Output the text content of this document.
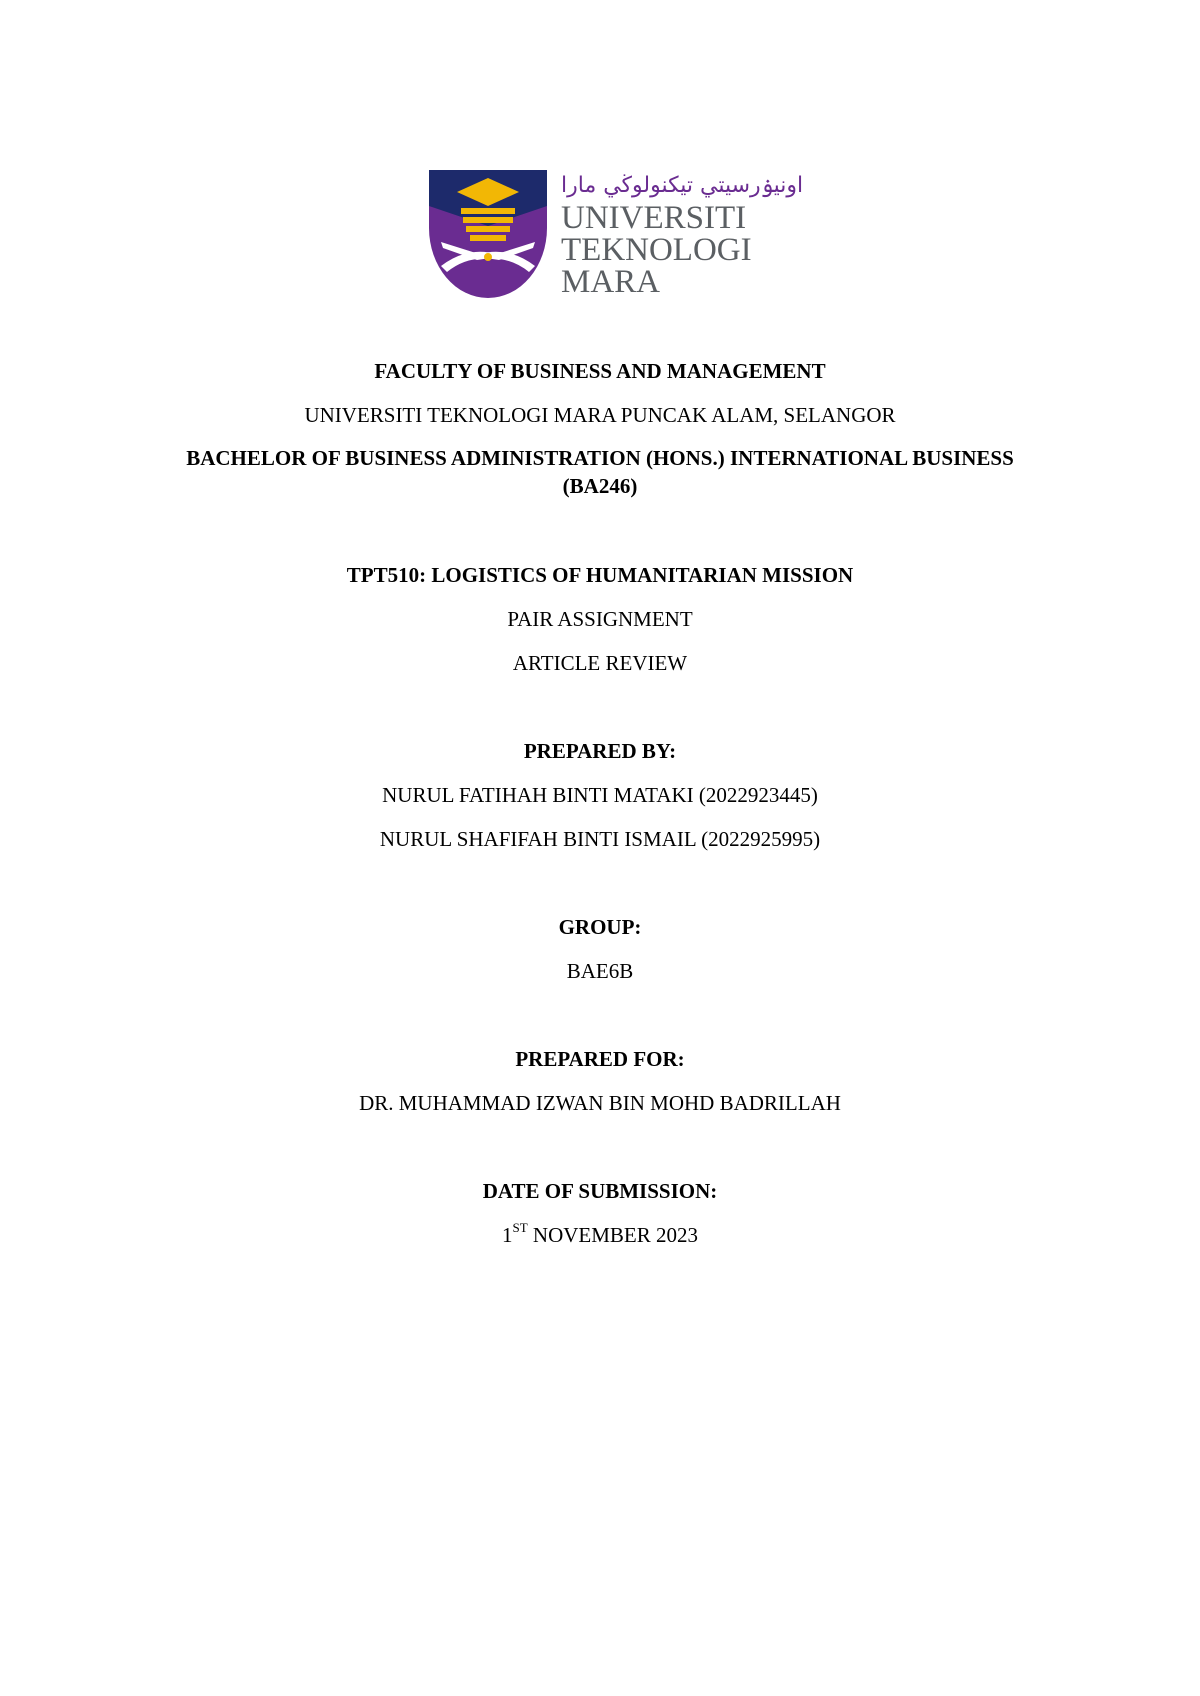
اونيۏرسيتي تيكنولوڬي مارا
UNIVERSITI
TEKNOLOGI
MARA
FACULTY OF BUSINESS AND MANAGEMENT
UNIVERSITI TEKNOLOGI MARA PUNCAK ALAM, SELANGOR
BACHELOR OF BUSINESS ADMINISTRATION (HONS.) INTERNATIONAL BUSINESS (BA246)
TPT510: LOGISTICS OF HUMANITARIAN MISSION
PAIR ASSIGNMENT
ARTICLE REVIEW
PREPARED BY:
NURUL FATIHAH BINTI MATAKI (2022923445)
NURUL SHAFIFAH BINTI ISMAIL (2022925995)
GROUP:
BAE6B
PREPARED FOR:
DR. MUHAMMAD IZWAN BIN MOHD BADRILLAH
DATE OF SUBMISSION:
1ST NOVEMBER 2023
